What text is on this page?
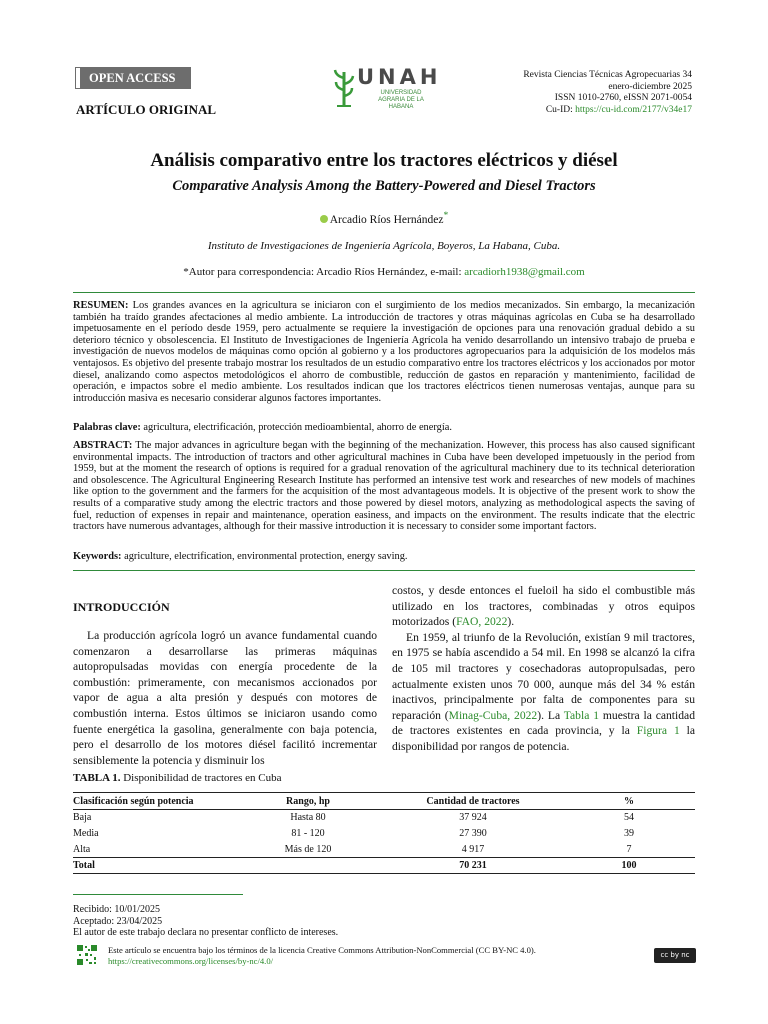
OPEN ACCESS
ARTÍCULO ORIGINAL
UNAH
UNIVERSIDAD AGRARIA DE LA HABANA
Revista Ciencias Técnicas Agropecuarias 34
enero-diciembre 2025
ISSN 1010-2760, eISSN 2071-0054
Cu-ID: https://cu-id.com/2177/v34e17
Análisis comparativo entre los tractores eléctricos y diésel
Comparative Analysis Among the Battery-Powered and Diesel Tractors
Arcadio Ríos Hernández*
Instituto de Investigaciones de Ingeniería Agrícola, Boyeros, La Habana, Cuba.
*Autor para correspondencia: Arcadio Ríos Hernández, e-mail: arcadiorh1938@gmail.com
RESUMEN: Los grandes avances en la agricultura se iniciaron con el surgimiento de los medios mecanizados. Sin embargo, la mecanización también ha traído grandes afectaciones al medio ambiente. La introducción de tractores y otras máquinas agrícolas en Cuba se ha desarrollado impetuosamente en el período desde 1959, pero actualmente se requiere la investigación de opciones para una renovación gradual debido a su deterioro técnico y obsolescencia. El Instituto de Investigaciones de Ingeniería Agrícola ha venido desarrollando un intensivo trabajo de prueba e investigación de nuevos modelos de máquinas como opción al gobierno y a los productores agropecuarios para la adquisición de los modelos más ventajosos. Es objetivo del presente trabajo mostrar los resultados de un estudio comparativo entre los tractores eléctricos y los accionados por motor diesel, analizando como aspectos metodológicos el ahorro de combustible, reducción de gastos en reparación y mantenimiento, facilidad de operación, e impactos sobre el medio ambiente. Los resultados indican que los tractores eléctricos tienen numerosas ventajas, aunque para su introducción masiva es necesario considerar algunos factores importantes.
Palabras clave: agricultura, electrificación, protección medioambiental, ahorro de energía.
ABSTRACT: The major advances in agriculture began with the beginning of the mechanization. However, this process has also caused significant environmental impacts. The introduction of tractors and other agricultural machines in Cuba have been developed impetuously in the period from 1959, but at the moment the research of options is required for a gradual renovation of the agricultural machinery due to its technical deterioration and obsolescence. The Agricultural Engineering Research Institute has performed an intensive test work and researches of new models of machines like option to the government and the farmers for the acquisition of the most advantageous models. It is objective of the present work to show the results of a comparative study among the electric tractors and those powered by diesel motors, analyzing as methodological aspects the saving of fuel, reduction of expenses in repair and maintenance, operation easiness, and impacts on the environment. The results indicate that the electric tractors have numerous advantages, although for their massive introduction it is necessary to consider some important factors.
Keywords: agriculture, electrification, environmental protection, energy saving.
INTRODUCCIÓN
La producción agrícola logró un avance fundamental cuando comenzaron a desarrollarse las primeras máquinas autopropulsadas movidas con energía procedente de la combustión: primeramente, con mecanismos accionados por vapor de agua a alta presión y después con motores de combustión interna. Estos últimos se iniciaron usando como fuente energética la gasolina, generalmente con baja potencia, pero el desarrollo de los motores diésel facilitó incrementar sensiblemente la potencia y disminuir los

costos, y desde entonces el fueloil ha sido el combustible más utilizado en los tractores, combinadas y otros equipos motorizados (FAO, 2022).

En 1959, al triunfo de la Revolución, existían 9 mil tractores, en 1975 se había ascendido a 54 mil. En 1998 se alcanzó la cifra de 105 mil tractores y cosechadoras autopropulsadas, pero actualmente existen unos 70 000, aunque más del 34 % están inactivos, principalmente por falta de componentes para su reparación (Minag-Cuba, 2022). La Tabla 1 muestra la cantidad de tractores existentes en cada provincia, y la Figura 1 la disponibilidad por rangos de potencia.

TABLA 1. Disponibilidad de tractores en Cuba
Clasificación según potencia	Rango, hp	Cantidad de tractores	%
Baja	Hasta 80	37 924	54
Media	81 - 120	27 390	39
Alta	Más de 120	4 917	7
Total		70 231	100
Recibido: 10/01/2025
Aceptado: 23/04/2025
El autor de este trabajo declara no presentar conflicto de intereses.
Este artículo se encuentra bajo los términos de la licencia Creative Commons Attribution-NonCommercial (CC BY-NC 4.0).
https://creativecommons.org/licenses/by-nc/4.0/
cc by nc
